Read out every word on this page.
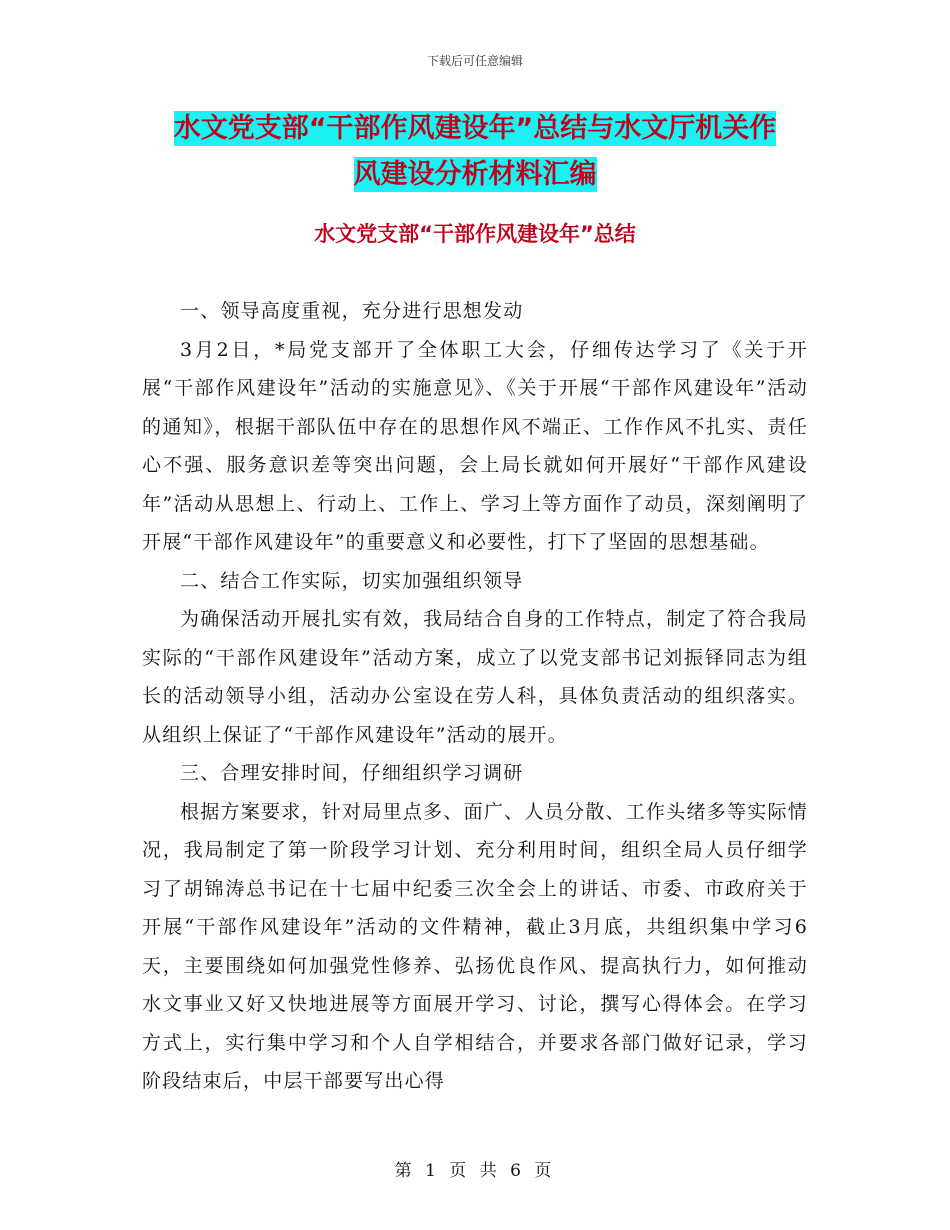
下载后可任意编辑
水文党支部“干部作风建设年”总结与水文厅机关作
风建设分析材料汇编
水文党支部“干部作风建设年”总结

一、领导高度重视，充分进行思想发动

3月2日，*局党支部开了全体职工大会，仔细传达学习了《关于开展“干部作风建设年”活动的实施意见》、《关于开展“干部作风建设年”活动的通知》，根据干部队伍中存在的思想作风不端正、工作作风不扎实、责任心不强、服务意识差等突出问题，会上局长就如何开展好“干部作风建设年”活动从思想上、行动上、工作上、学习上等方面作了动员，深刻阐明了开展“干部作风建设年”的重要意义和必要性，打下了坚固的思想基础。

二、结合工作实际，切实加强组织领导

为确保活动开展扎实有效，我局结合自身的工作特点，制定了符合我局实际的“干部作风建设年”活动方案，成立了以党支部书记刘振铎同志为组长的活动领导小组，活动办公室设在劳人科，具体负责活动的组织落实。从组织上保证了“干部作风建设年”活动的展开。

三、合理安排时间，仔细组织学习调研

根据方案要求，针对局里点多、面广、人员分散、工作头绪多等实际情况，我局制定了第一阶段学习计划、充分利用时间，组织全局人员仔细学习了胡锦涛总书记在十七届中纪委三次全会上的讲话、市委、市政府关于开展“干部作风建设年”活动的文件精神，截止3月底，共组织集中学习6天，主要围绕如何加强党性修养、弘扬优良作风、提高执行力，如何推动水文事业又好又快地进展等方面展开学习、讨论，撰写心得体会。在学习方式上，实行集中学习和个人自学相结合，并要求各部门做好记录，学习阶段结束后，中层干部要写出心得

第 1 页 共 6 页
